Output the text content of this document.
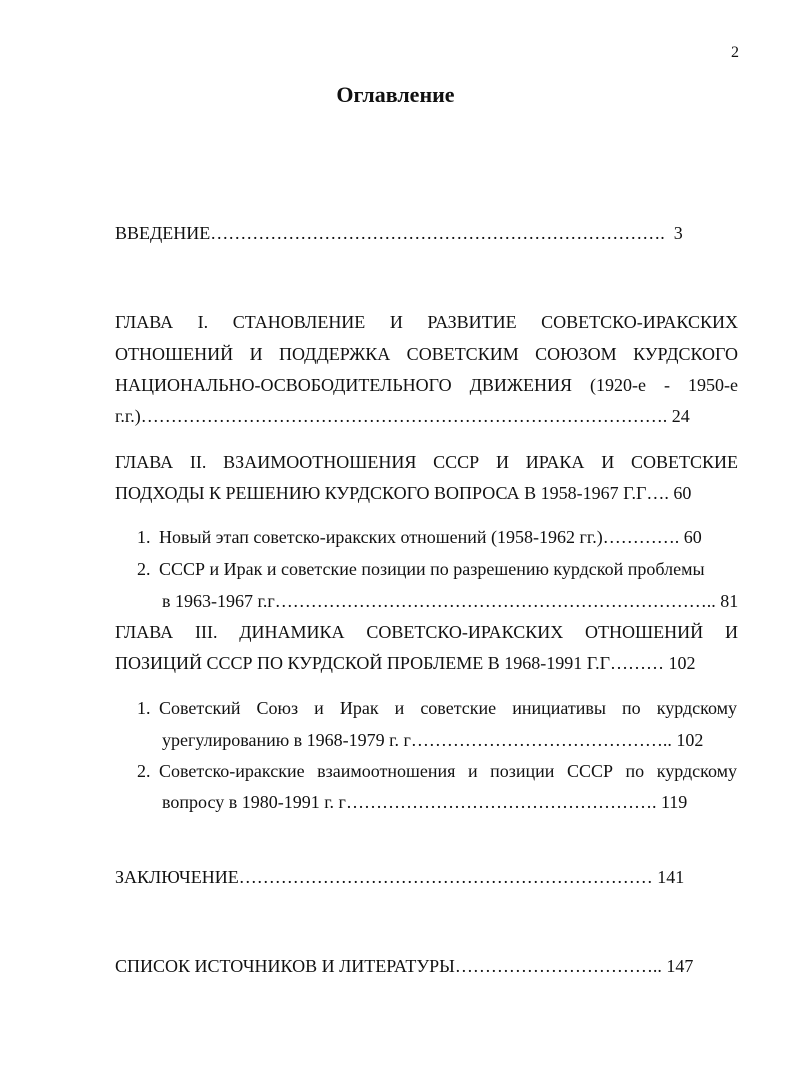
2
Оглавление
ВВЕДЕНИЕ…………………………………………………………………. 3
ГЛАВА I. СТАНОВЛЕНИЕ И РАЗВИТИЕ СОВЕТСКО-ИРАКСКИХ
ОТНОШЕНИЙ И ПОДДЕРЖКА СОВЕТСКИМ СОЮЗОМ КУРДСКОГО
НАЦИОНАЛЬНО-ОСВОБОДИТЕЛЬНОГО ДВИЖЕНИЯ (1920-е - 1950-е
г.г.)……………………………………………………………………………. 24
ГЛАВА II. ВЗАИМООТНОШЕНИЯ СССР И ИРАКА И СОВЕТСКИЕ
ПОДХОДЫ К РЕШЕНИЮ КУРДСКОГО ВОПРОСА В 1958-1967 Г.Г…. 60
1. Новый этап советско-иракских отношений (1958-1962 гг.)…………. 60
2. СССР и Ирак и советские позиции по разрешению курдской проблемы
в 1963-1967 г.г……………………………………………………………….. 81
ГЛАВА III. ДИНАМИКА СОВЕТСКО-ИРАКСКИХ ОТНОШЕНИЙ И
ПОЗИЦИЙ СССР ПО КУРДСКОЙ ПРОБЛЕМЕ В 1968-1991 Г.Г……… 102
1. Советский Союз и Ирак и советские инициативы по курдскому
урегулированию в 1968-1979 г. г…………………………………….. 102
2. Советско-иракские взаимоотношения и позиции СССР по курдскому
вопросу в 1980-1991 г. г……………………………………………. 119
ЗАКЛЮЧЕНИЕ…………………………………………………………… 141
СПИСОК ИСТОЧНИКОВ И ЛИТЕРАТУРЫ…………………………….. 147
